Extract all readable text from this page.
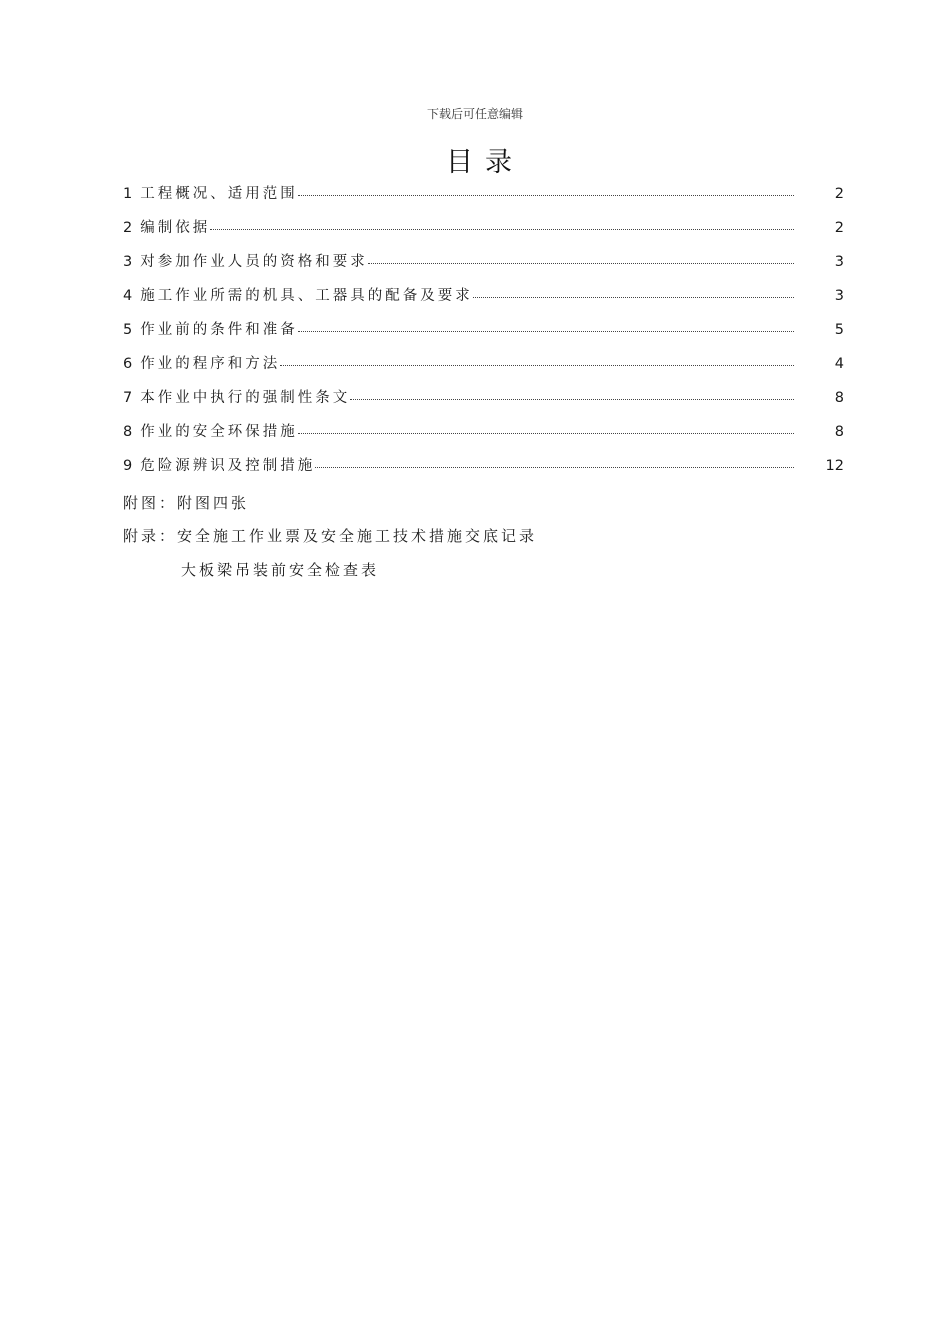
下载后可任意编辑
目录
1 工程概况、适用范围	2
2 编制依据	2
3 对参加作业人员的资格和要求	3
4 施工作业所需的机具、工器具的配备及要求	3
5 作业前的条件和准备	5
6 作业的程序和方法	4
7 本作业中执行的强制性条文	8
8 作业的安全环保措施	8
9 危险源辨识及控制措施	12
附图：附图四张
附录：安全施工作业票及安全施工技术措施交底记录
大板梁吊装前安全检查表
